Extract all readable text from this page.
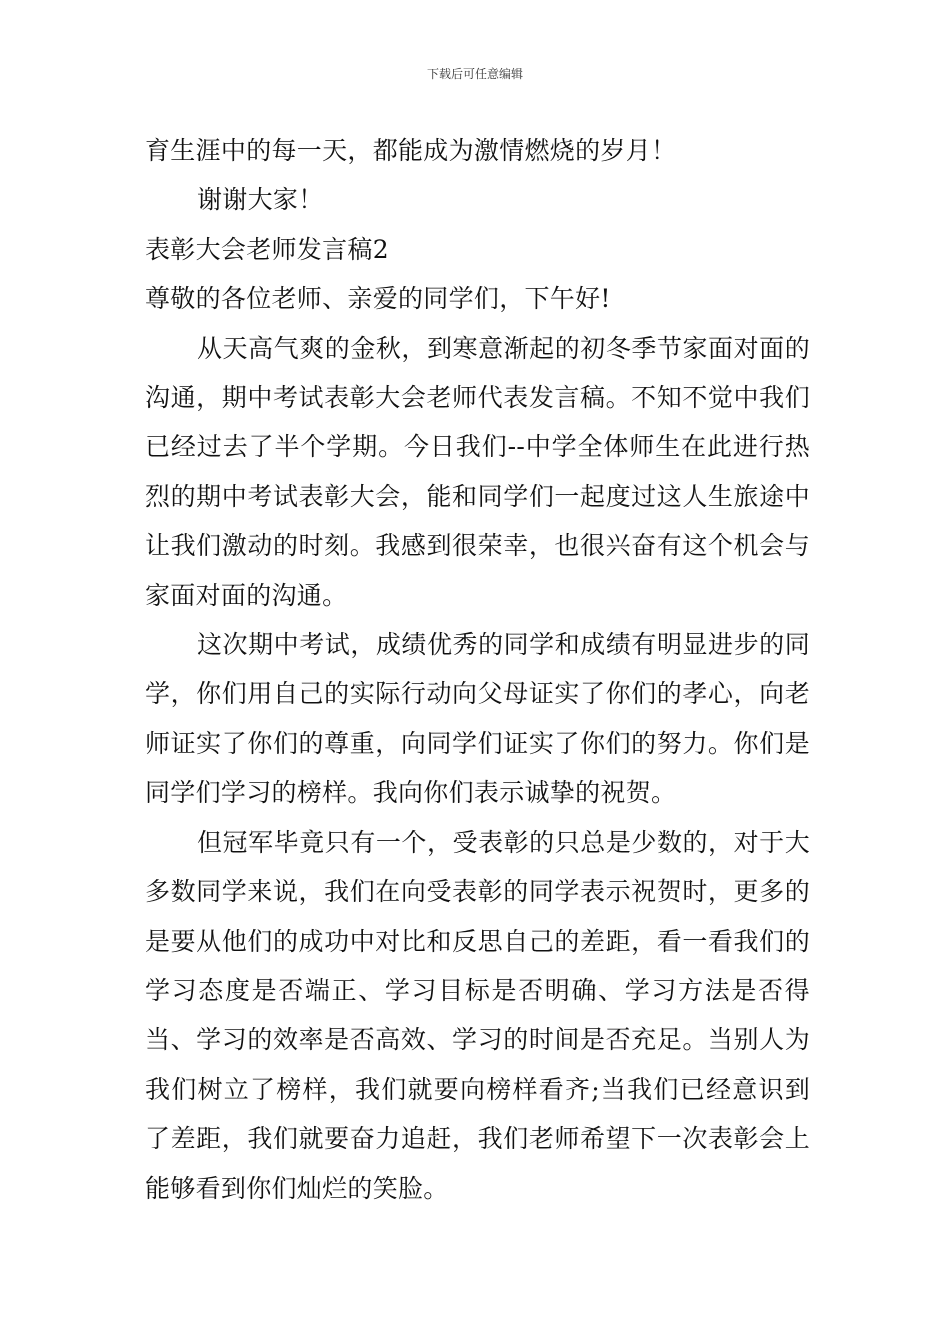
下载后可任意编辑

育生涯中的每一天，都能成为激情燃烧的岁月！

谢谢大家！

表彰大会老师发言稿2

尊敬的各位老师、亲爱的同学们，下午好!

从天高气爽的金秋，到寒意渐起的初冬季节家面对面的沟通，期中考试表彰大会老师代表发言稿。不知不觉中我们已经过去了半个学期。今日我们--中学全体师生在此进行热烈的期中考试表彰大会，能和同学们一起度过这人生旅途中让我们激动的时刻。我感到很荣幸，也很兴奋有这个机会与家面对面的沟通。

这次期中考试，成绩优秀的同学和成绩有明显进步的同学，你们用自己的实际行动向父母证实了你们的孝心，向老师证实了你们的尊重，向同学们证实了你们的努力。你们是同学们学习的榜样。我向你们表示诚挚的祝贺。

但冠军毕竟只有一个，受表彰的只总是少数的，对于大多数同学来说，我们在向受表彰的同学表示祝贺时，更多的是要从他们的成功中对比和反思自己的差距，看一看我们的学习态度是否端正、学习目标是否明确、学习方法是否得当、学习的效率是否高效、学习的时间是否充足。当别人为我们树立了榜样，我们就要向榜样看齐;当我们已经意识到了差距，我们就要奋力追赶，我们老师希望下一次表彰会上能够看到你们灿烂的笑脸。
